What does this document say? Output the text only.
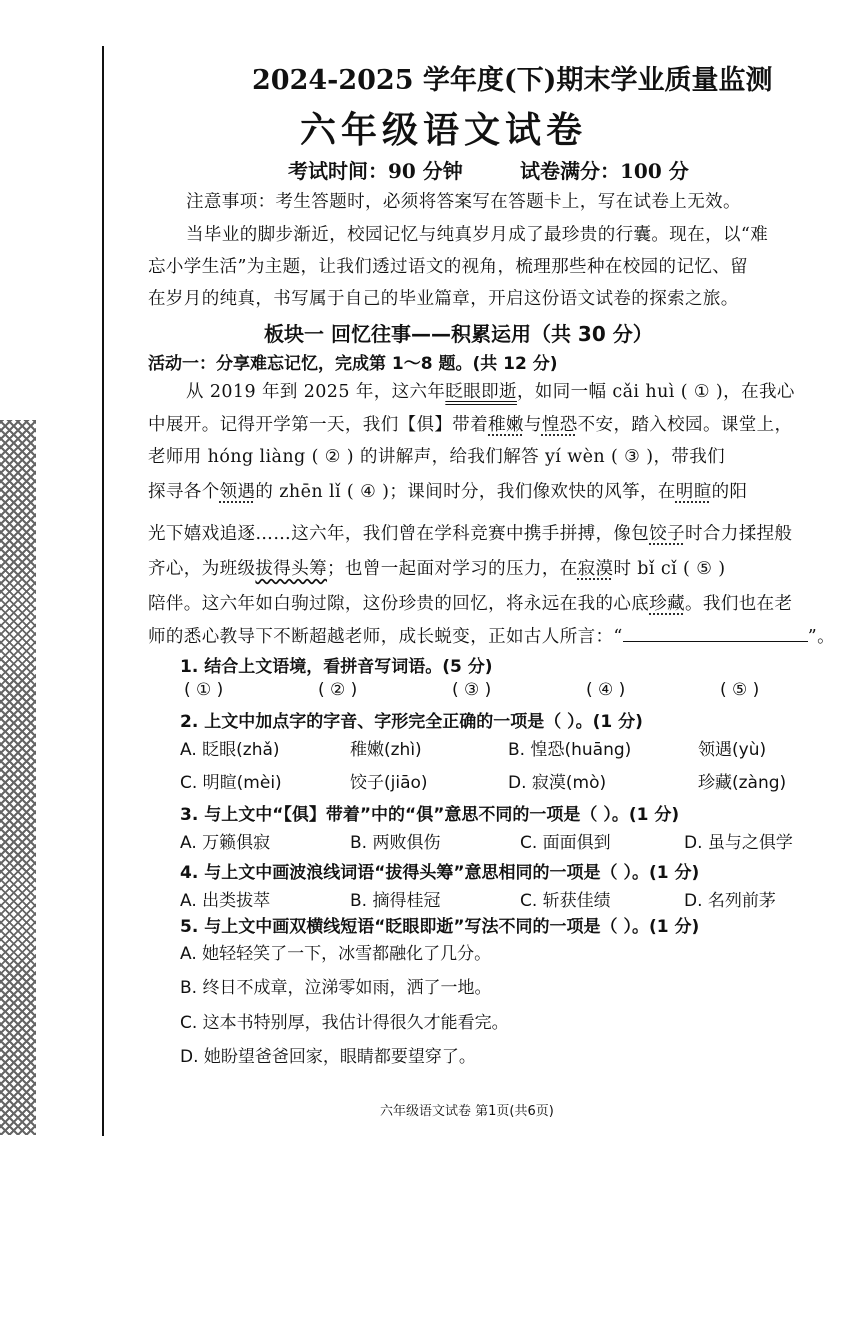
2024-2025 学年度(下)期末学业质量监测
六年级语文试卷
考试时间：90 分钟	试卷满分：100 分
注意事项：考生答题时，必须将答案写在答题卡上，写在试卷上无效。
当毕业的脚步渐近，校园记忆与纯真岁月成了最珍贵的行囊。现在，以“难
忘小学生活”为主题，让我们透过语文的视角，梳理那些种在校园的记忆、留
在岁月的纯真，书写属于自己的毕业篇章，开启这份语文试卷的探索之旅。
板块一 回忆往事——积累运用（共 30 分）
活动一：分享难忘记忆，完成第 1～8 题。(共 12 分)
从 2019 年到 2025 年，这六年眨眼即逝，如同一幅 cǎi huì ( ① )，在我心
中展开。记得开学第一天，我们【俱】带着稚嫩与惶恐不安，踏入校园。课堂上，
老师用 hóng liàng ( ② ) 的讲解声，给我们解答 yí wèn ( ③ )，带我们
探寻各个领遇的 zhēn lǐ ( ④ )；课间时分，我们像欢快的风筝，在明睻的阳
光下嬉戏追逐……这六年，我们曾在学科竞赛中携手拼搏，像包饺子时合力揉捏般
齐心，为班级拔得头筹；也曾一起面对学习的压力，在寂漠时 bǐ cǐ ( ⑤ )
陪伴。这六年如白驹过隙，这份珍贵的回忆，将永远在我的心底珍藏。我们也在老
师的悉心教导下不断超越老师，成长蜕变，正如古人所言：“	”。
1. 结合上文语境，看拼音写词语。(5 分)
( ① )	( ② )	( ③ )	( ④ )	( ⑤ )
2. 上文中加点字的字音、字形完全正确的一项是（ ）。(1 分)
A. 眨眼(zhǎ)	稚嫩(zhì)	B. 惶恐(huāng)	领遇(yù)
C. 明睻(mèi)	饺子(jiāo)	D. 寂漠(mò)	珍藏(zàng)
3. 与上文中“【俱】带着”中的“俱”意思不同的一项是（ ）。(1 分)
A. 万籁俱寂	B. 两败俱伤	C. 面面俱到	D. 虽与之俱学
4. 与上文中画波浪线词语“拔得头筹”意思相同的一项是（ ）。(1 分)
A. 出类拔萃	B. 摘得桂冠	C. 斩获佳绩	D. 名列前茅
5. 与上文中画双横线短语“眨眼即逝”写法不同的一项是（ ）。(1 分)
A. 她轻轻笑了一下，冰雪都融化了几分。
B. 终日不成章，泣涕零如雨，洒了一地。
C. 这本书特别厚，我估计得很久才能看完。
D. 她盼望爸爸回家，眼睛都要望穿了。
六年级语文试卷 第1页(共6页)
